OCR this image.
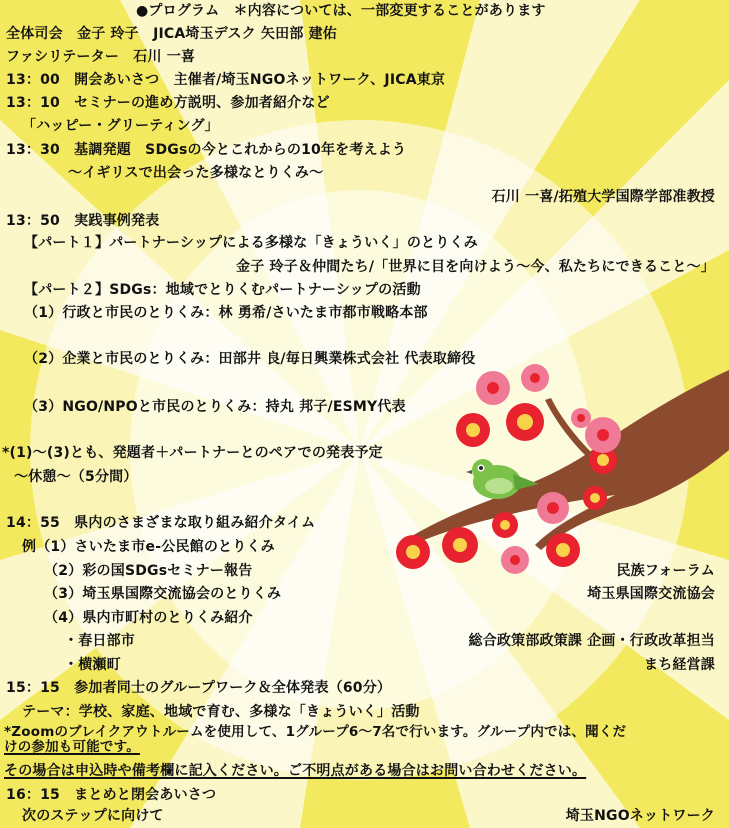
●プログラム　＊内容については、一部変更することがあります
全体司会　金子 玲子　JICA埼玉デスク 矢田部 建佑
ファシリテーター　石川 一喜
13：00　開会あいさつ　主催者/埼玉NGOネットワーク、JICA東京
13：10　セミナーの進め方説明、参加者紹介など
「ハッピー・グリーティング」
13：30　基調発題　SDGsの今とこれからの10年を考えよう
～イギリスで出会った多様なとりくみ～
石川 一喜/拓殖大学国際学部准教授
13：50　実践事例発表
【パート１】パートナーシップによる多様な「きょういく」のとりくみ
金子 玲子＆仲間たち/「世界に目を向けよう～今、私たちにできること～」
【パート２】SDGs：地域でとりくむパートナーシップの活動
（1）行政と市民のとりくみ：林 勇希/さいたま市都市戦略本部
（2）企業と市民のとりくみ：田部井 良/毎日興業株式会社 代表取締役
（3）NGO/NPOと市民のとりくみ：持丸 邦子/ESMY代表
*(1)～(3)とも、発題者＋パートナーとのペアでの発表予定
～休憩～（5分間）
14：55　県内のさまざまな取り組み紹介タイム
例（1）さいたま市e-公民館のとりくみ
（2）彩の国SDGsセミナー報告	民族フォーラム
（3）埼玉県国際交流協会のとりくみ	埼玉県国際交流協会
（4）県内市町村のとりくみ紹介
・春日部市	総合政策部政策課 企画・行政改革担当
・横瀬町	まち経営課
15：15　参加者同士のグループワーク＆全体発表（60分）
テーマ：学校、家庭、地域で育む、多様な「きょういく」活動
*Zoomのブレイクアウトルームを使用して、1グループ6～7名で行います。グループ内では、聞くだ
けの参加も可能です。
その場合は申込時や備考欄に記入ください。ご不明点がある場合はお問い合わせください。
16：15　まとめと閉会あいさつ
次のステップに向けて	埼玉NGOネットワーク
